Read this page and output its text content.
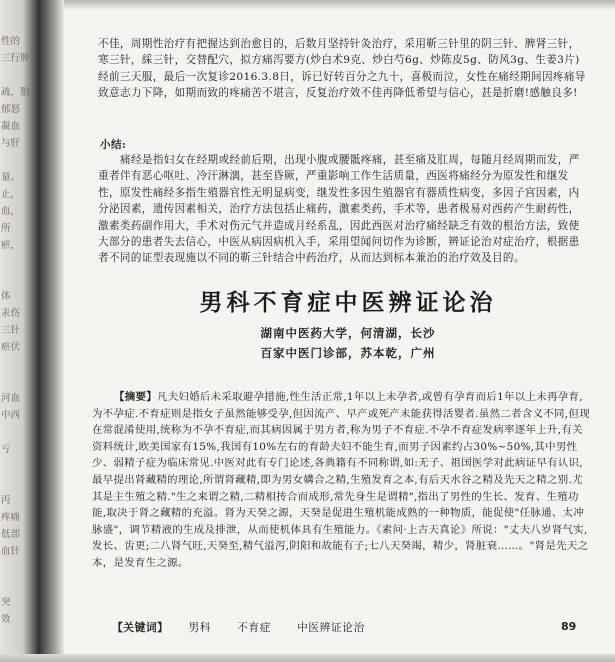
性的
三行肿
疏，胞
郁怒
凝血
与肝
量。
止，
血，
所
瘀，
体
汞伤
三针
瘀伏
河血
中西
亏
丙
疼痛
低部
血针
突
效

不佳，周期性治疗有把握达到治愈目的，后数月坚持针灸治疗，采用靳三针里的阴三针、脾肾三针，寒三针，綵三针，交替配穴，拟方痛泻要方(炒白术9克、炒白芍6g、炒陈皮5g、防风3g、生姜3片)经前三天服，最后一次复诊2016.3.8日，诉已好转百分之九十，喜极而泣，女性在痛经期间因疼痛导致意志力下降，如期而致的疼痛苦不堪言，反复治疗效不佳再降低希望与信心，甚是折磨!感触良多!

小结:

痛经是指妇女在经期或经前后期，出现小腹或腰骶疼痛，甚至痛及肛周，每随月经周期而发，严重者伴有恶心呕吐、冷汗淋漓，甚至昏厥，严重影响工作生活质量，西医将痛经分为原发性和继发性，原发性痛经多指生殖器官性无明显病变，继发性多因生殖器官有器质性病变，多因子宫因素，内分泌因素，遗传因素相关，治疗方法包括止痛药，激素类药，手术等，患者极易对西药产生耐药性，激素类药副作用大，手术对伤元气并造成月经系乱，因此西医对治疗痛经缺乏有效的根治方法，致使大部分的患者失去信心，中医从病因病机入手，采用望闻问切作为诊断，辨证论治对症治疗，根据患者不同的证型表现施以不同的靳三针结合中药治疗，从而达到标本兼治的治疗效及目的。

男科不育症中医辨证论治
湖南中医药大学，何清湖，长沙
百家中医门诊部，苏本乾，广州
【摘要】凡夫妇婚后未采取避孕措施,性生活正常,1年以上未孕者,或曾有孕育而后1年以上未再孕育,为不孕症.不育症则是指女子虽然能够受孕,但因流产、早产或死产未能获得活婴者.虽然二者含义不同,但现在常混淆使用,统称为不孕不育症,而其病因属于男方者,称为男子不育症.不孕不育症发病率逐年上升,有关资料统计,欧美国家有15%,我国有10%左右的育龄夫妇不能生育,而男子因素约占30%~50%,其中男性少、弱精子症为临床常见.中医对此有专门论述,各典籍有不同称谓,如:无子、祖国医学对此病证早有认识,最早提出肾藏精的理论,所谓肾藏精,即为男女媾合之精,生殖发育之本,有后天水谷之精及先天之精之别.尤其是主生殖之精."生之来谓之精,二精相抟合而成形,常先身生是谓精",指出了男性的生长、发育、生殖功能,取决于肾之藏精的充溢。肾为天癸之源，天癸是促进生殖机能成熟的一种物质，能促使"任脉通、太冲脉盛"，调节精液的生成及排泄，从而使机体具有生殖能力。《素问·上古天真论》所说："丈夫八岁肾气实,发长、齿更;二八肾气旺,天癸至,精气溢泻,阴阳和故能有子;七八天癸竭，精少，肾脏衰……。"肾是先天之本，是发育生之源。
【关键词】 男科 不育症 中医辨证论治	89
